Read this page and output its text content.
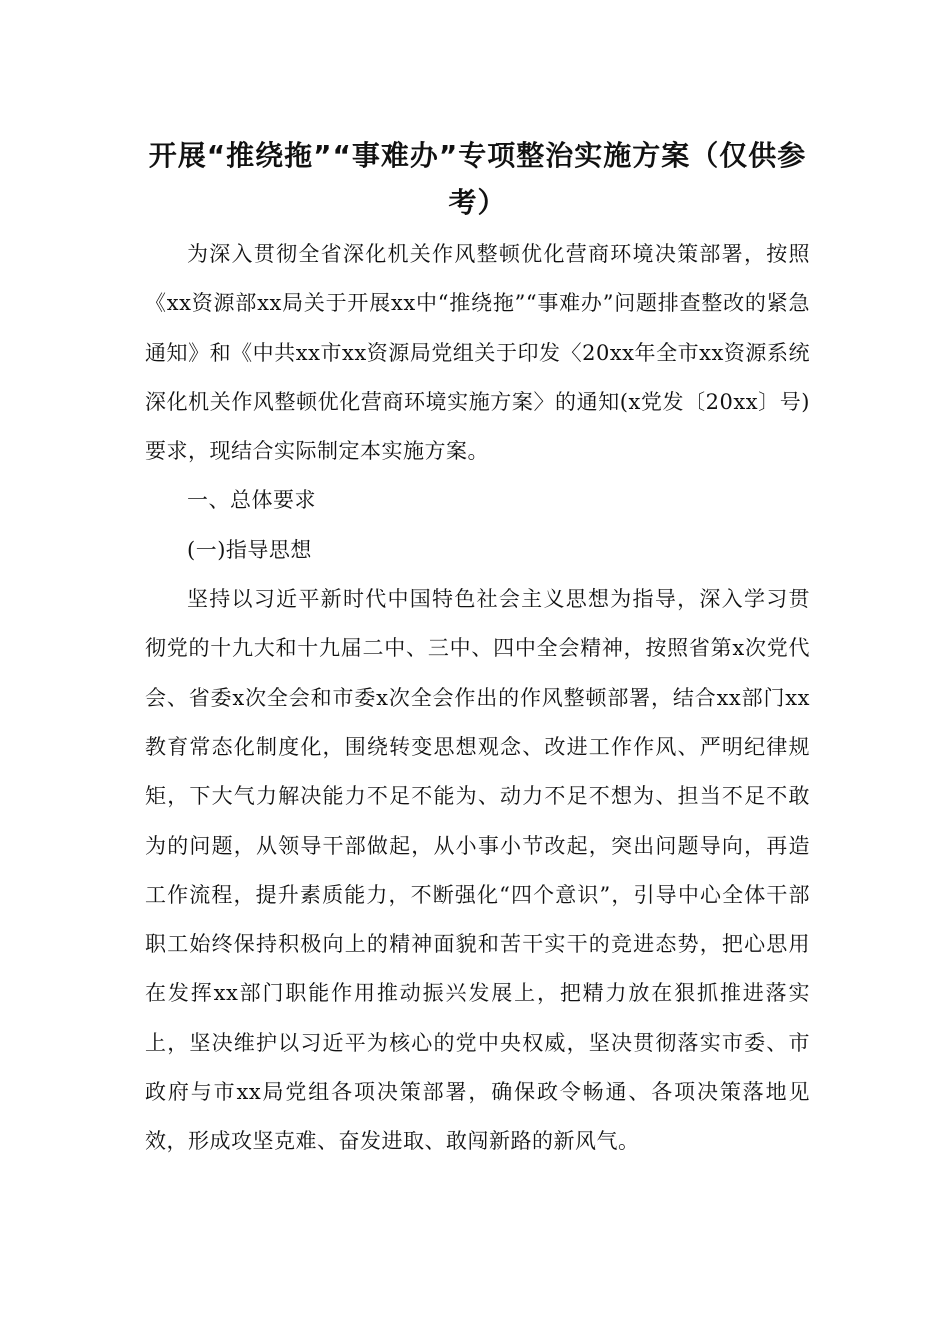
开展“推绕拖”“事难办”专项整治实施方案（仅供参考）

为深入贯彻全省深化机关作风整顿优化营商环境决策部署，按照《xx资源部xx局关于开展xx中“推绕拖”“事难办”问题排查整改的紧急通知》和《中共xx市xx资源局党组关于印发〈20xx年全市xx资源系统深化机关作风整顿优化营商环境实施方案〉的通知(x党发〔20xx〕号)要求，现结合实际制定本实施方案。

一、总体要求

(一)指导思想

坚持以习近平新时代中国特色社会主义思想为指导，深入学习贯彻党的十九大和十九届二中、三中、四中全会精神，按照省第x次党代会、省委x次全会和市委x次全会作出的作风整顿部署，结合xx部门xx教育常态化制度化，围绕转变思想观念、改进工作作风、严明纪律规矩，下大气力解决能力不足不能为、动力不足不想为、担当不足不敢为的问题，从领导干部做起，从小事小节改起，突出问题导向，再造工作流程，提升素质能力，不断强化“四个意识”，引导中心全体干部职工始终保持积极向上的精神面貌和苦干实干的竞进态势，把心思用在发挥xx部门职能作用推动振兴发展上，把精力放在狠抓推进落实上，坚决维护以习近平为核心的党中央权威，坚决贯彻落实市委、市政府与市xx局党组各项决策部署，确保政令畅通、各项决策落地见效，形成攻坚克难、奋发进取、敢闯新路的新风气。
